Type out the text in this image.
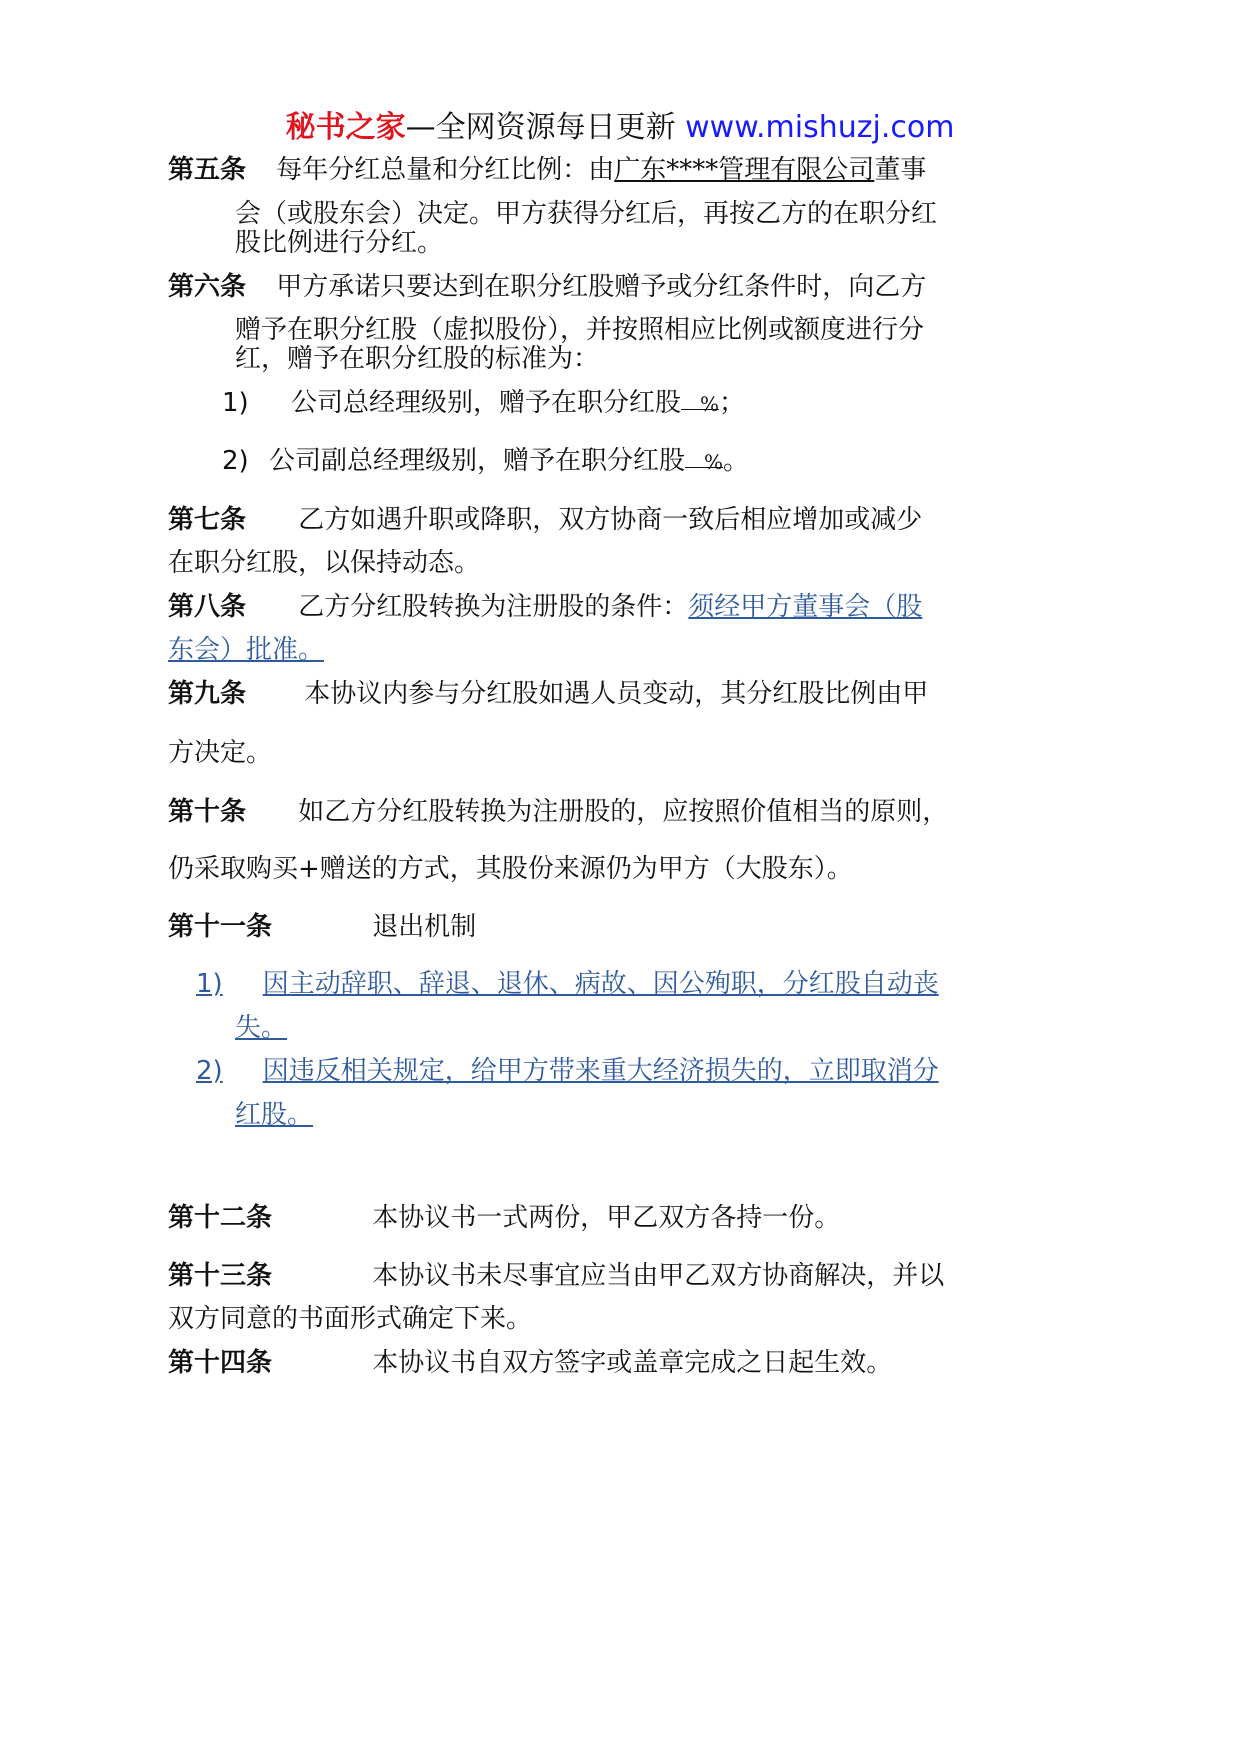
秘书之家—全网资源每日更新 www.mishuzj.com
第五条 每年分红总量和分红比例：由广东****管理有限公司董事
会（或股东会）决定。甲方获得分红后，再按乙方的在职分红
股比例进行分红。
第六条 甲方承诺只要达到在职分红股赠予或分红条件时，向乙方
赠予在职分红股（虚拟股份），并按照相应比例或额度进行分
红，赠予在职分红股的标准为：
1) 公司总经理级别，赠予在职分红股 %；
2) 公司副总经理级别，赠予在职分红股 %。
第七条 乙方如遇升职或降职，双方协商一致后相应增加或减少
在职分红股，以保持动态。
第八条 乙方分红股转换为注册股的条件：须经甲方董事会（股
东会）批准。
第九条 本协议内参与分红股如遇人员变动，其分红股比例由甲
方决定。
第十条 如乙方分红股转换为注册股的，应按照价值相当的原则，
仍采取购买+赠送的方式，其股份来源仍为甲方（大股东）。
第十一条	退出机制
1) 因主动辞职、辞退、退休、病故、因公殉职，分红股自动丧
失。
2) 因违反相关规定，给甲方带来重大经济损失的，立即取消分
红股。
第十二条	本协议书一式两份，甲乙双方各持一份。
第十三条	本协议书未尽事宜应当由甲乙双方协商解决，并以
双方同意的书面形式确定下来。
第十四条	本协议书自双方签字或盖章完成之日起生效。
